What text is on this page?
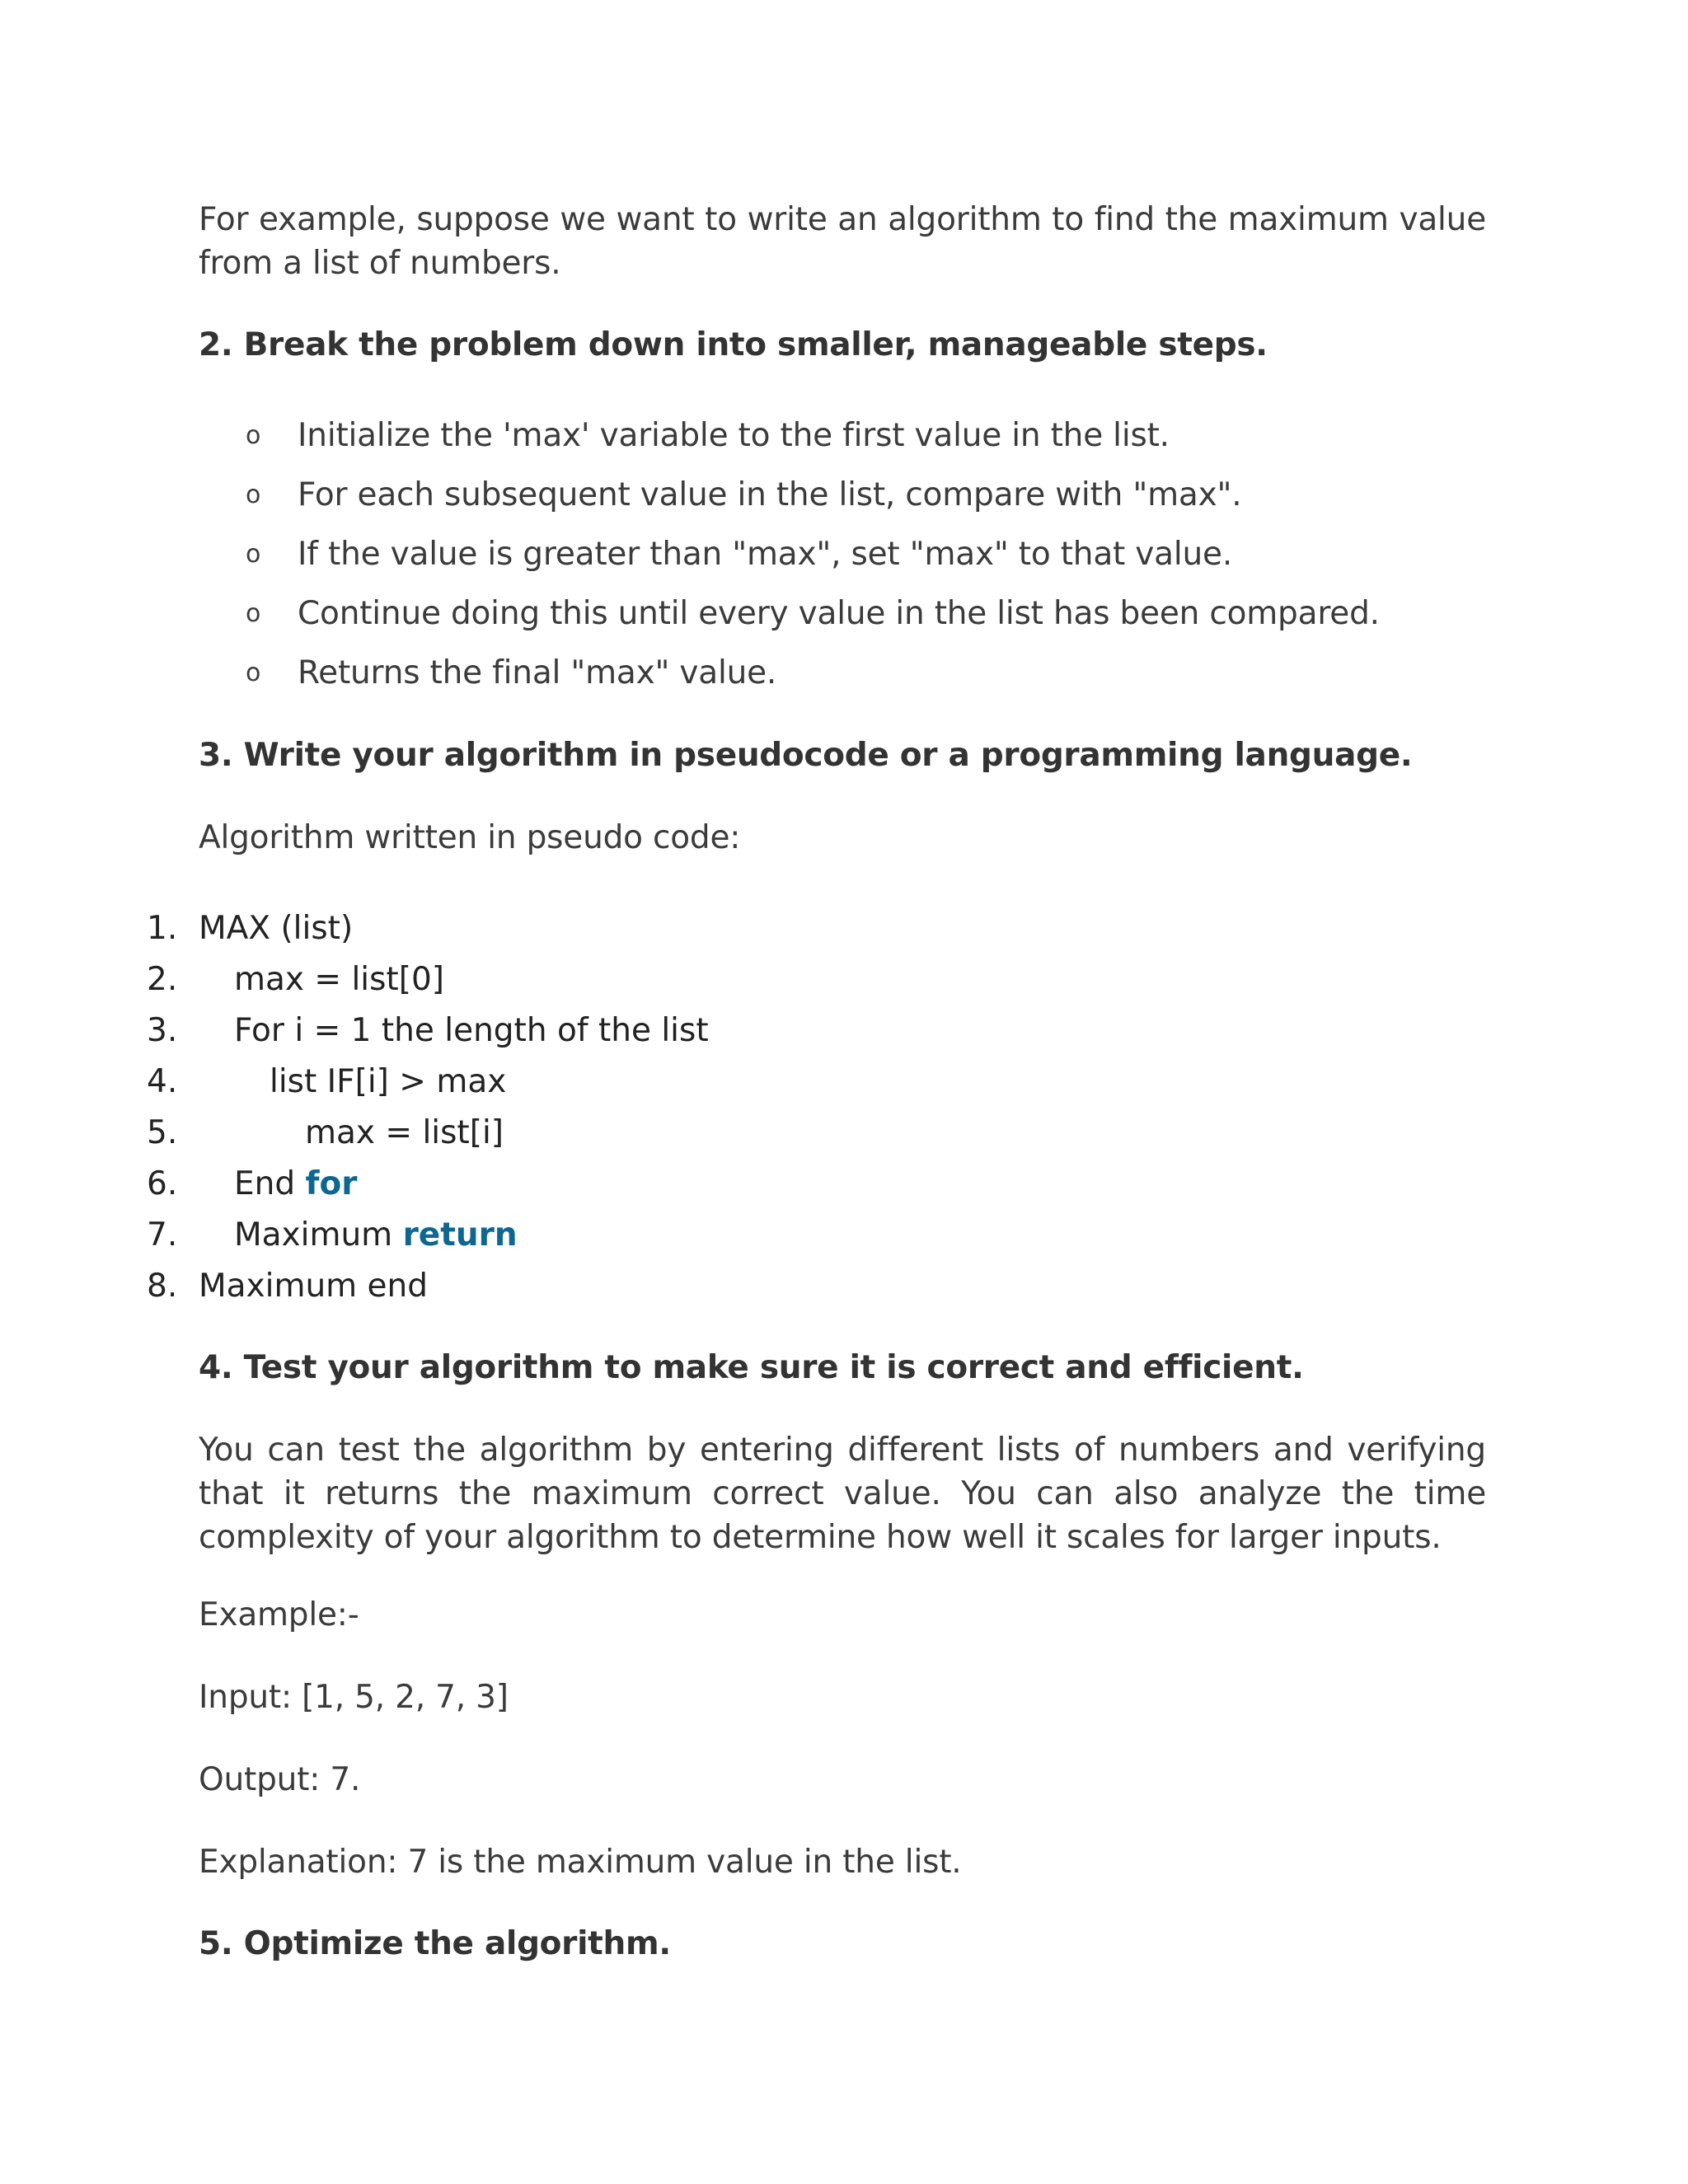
For example, suppose we want to write an algorithm to find the maximum value from a list of numbers.

2. Break the problem down into smaller, manageable steps.
o Initialize the 'max' variable to the first value in the list.
o For each subsequent value in the list, compare with "max".
o If the value is greater than "max", set "max" to that value.
o Continue doing this until every value in the list has been compared.
o Returns the final "max" value.
3. Write your algorithm in pseudocode or a programming language.

Algorithm written in pseudo code:

1. MAX (list)
2. max = list[0]
3. For i = 1 the length of the list
4.	list IF[i] > max
5.	max = list[i]
6. End for
7. Maximum return
8. Maximum end
4. Test your algorithm to make sure it is correct and efficient.

You can test the algorithm by entering different lists of numbers and verifying that it returns the maximum correct value. You can also analyze the time complexity of your algorithm to determine how well it scales for larger inputs.

Example:-

Input: [1, 5, 2, 7, 3]

Output: 7.

Explanation: 7 is the maximum value in the list.

5. Optimize the algorithm.
